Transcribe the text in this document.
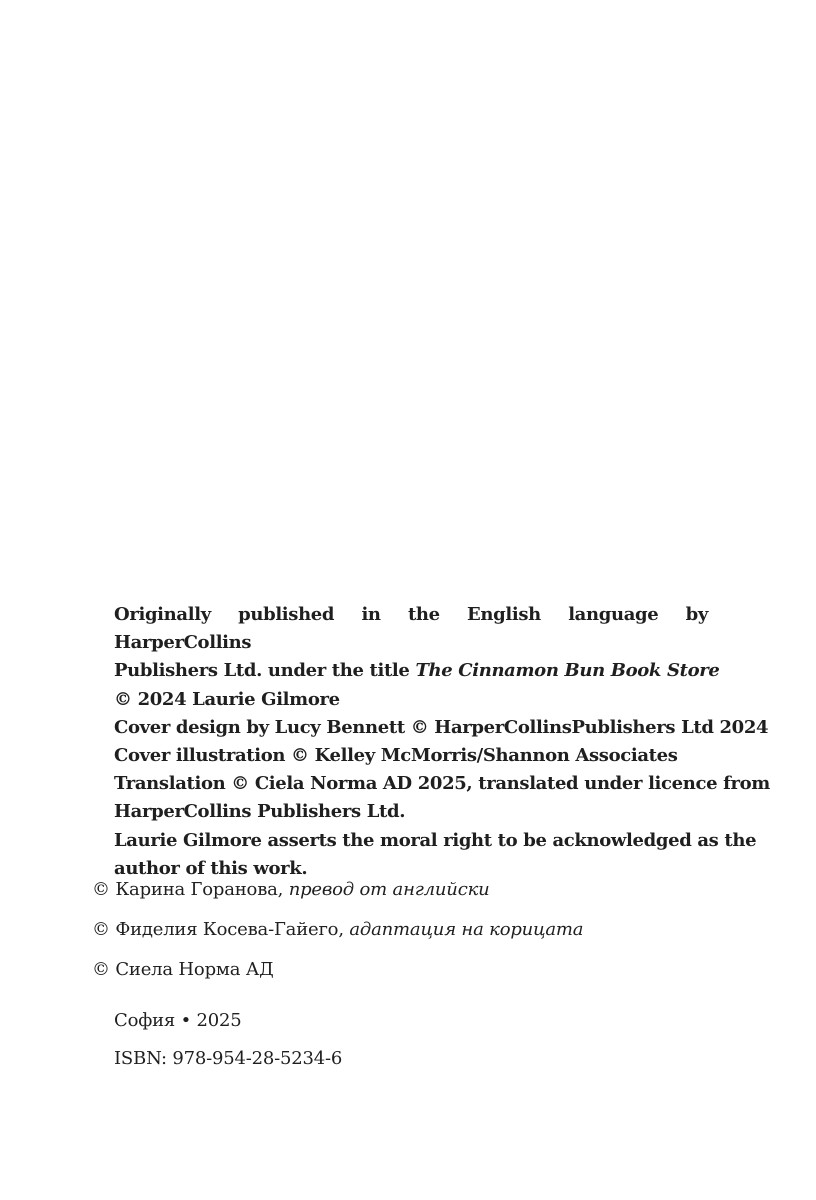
Originally published in the English language by HarperCollins
Publishers Ltd. under the title The Cinnamon Bun Book Store
© 2024 Laurie Gilmore
Cover design by Lucy Bennett © HarperCollinsPublishers Ltd 2024
Cover illustration © Kelley McMorris/Shannon Associates
Translation © Ciela Norma AD 2025, translated under licence from
HarperCollins Publishers Ltd.
Laurie Gilmore asserts the moral right to be acknowledged as the
author of this work.
© Карина Горанова, превод от английски
© Фиделия Косева-Гайего, адаптация на корицата
© Сиела Норма АД
София • 2025
ISBN: 978-954-28-5234-6
